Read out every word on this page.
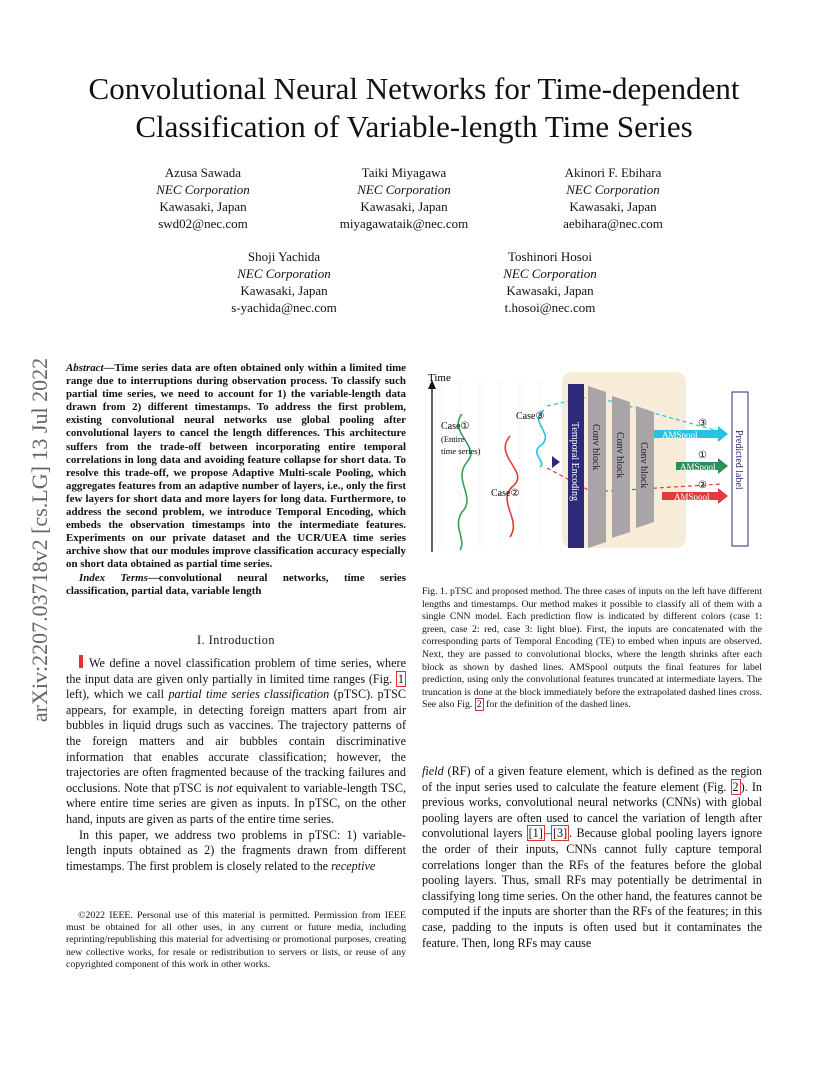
Convolutional Neural Networks for Time-dependent
Classification of Variable-length Time Series
Azusa Sawada
NEC Corporation
Kawasaki, Japan
swd02@nec.com
Taiki Miyagawa
NEC Corporation
Kawasaki, Japan
miyagawataik@nec.com
Akinori F. Ebihara
NEC Corporation
Kawasaki, Japan
aebihara@nec.com
Shoji Yachida
NEC Corporation
Kawasaki, Japan
s-yachida@nec.com
Toshinori Hosoi
NEC Corporation
Kawasaki, Japan
t.hosoi@nec.com
arXiv:2207.03718v2 [cs.LG] 13 Jul 2022 Abstract—Time series data are often obtained only within a limited time range due to interruptions during observation process. To classify such partial time series, we need to account for 1) the variable-length data drawn from 2) different timestamps. To address the first problem, existing convolutional neural networks use global pooling after convolutional layers to cancel the length differences. This architecture suffers from the trade-off between incorporating entire temporal correlations in long data and avoiding feature collapse for short data. To resolve this trade-off, we propose Adaptive Multi-scale Pooling, which aggregates features from an adaptive number of layers, i.e., only the first few layers for short data and more layers for long data. Furthermore, to address the second problem, we introduce Temporal Encoding, which embeds the observation timestamps into the intermediate features. Experiments on our private dataset and the UCR/UEA time series archive show that our modules improve classification accuracy especially on short data obtained as partial time series.
Index Terms—convolutional neural networks, time series classification, partial data, variable length
I. Introduction

We define a novel classification problem of time series, where the input data are given only partially in limited time ranges (Fig. 1 left), which we call partial time series classification (pTSC). pTSC appears, for example, in detecting foreign matters apart from air bubbles in liquid drugs such as vaccines. The trajectory patterns of the foreign matters and air bubbles contain discriminative information that enables accurate classification; however, the trajectories are often fragmented because of the tracking failures and occlusions. Note that pTSC is not equivalent to variable-length TSC, where entire time series are given as inputs. In pTSC, on the other hand, inputs are given as parts of the entire time series.

In this paper, we address two problems in pTSC: 1) variable-length inputs obtained as 2) the fragments drawn from different timestamps. The first problem is closely related to the receptive

©2022 IEEE. Personal use of this material is permitted. Permission from IEEE must be obtained for all other uses, in any current or future media, including reprinting/republishing this material for advertising or promotional purposes, creating new collective works, for resale or redistribution to servers or lists, or reuse of any copyrighted component of this work in other works.
Time
Case①
(Entire
time series)
Case③
Case②	Temporal Encoding Conv block Conv block Conv block
AMSpool
③
AMSpool
①
AMSpool
②	Predicted label
Fig. 1. pTSC and proposed method. The three cases of inputs on the left have different lengths and timestamps. Our method makes it possible to classify all of them with a single CNN model. Each prediction flow is indicated by different colors (case 1: green, case 2: red, case 3: light blue). First, the inputs are concatenated with the corresponding parts of Temporal Encoding (TE) to embed when inputs are observed. Next, they are passed to convolutional blocks, where the length shrinks after each block as shown by dashed lines. AMSpool outputs the final features for label prediction, using only the convolutional features truncated at intermediate layers. The truncation is done at the block immediately before the extrapolated dashed lines cross. See also Fig. 2 for the definition of the dashed lines.
field (RF) of a given feature element, which is defined as the region of the input series used to calculate the feature element (Fig. 2 ). In previous works, convolutional neural networks (CNNs) with global pooling layers are often used to cancel the variation of length after convolutional layers [1] – [3] . Because global pooling layers ignore the order of their inputs, CNNs cannot fully capture temporal correlations longer than the RFs of the features before the global pooling layers. Thus, small RFs may potentially be detrimental in classifying long time series. On the other hand, the features cannot be computed if the inputs are shorter than the RFs of the features; in this case, padding to the inputs is often used but it contaminates the feature. Then, long RFs may cause
